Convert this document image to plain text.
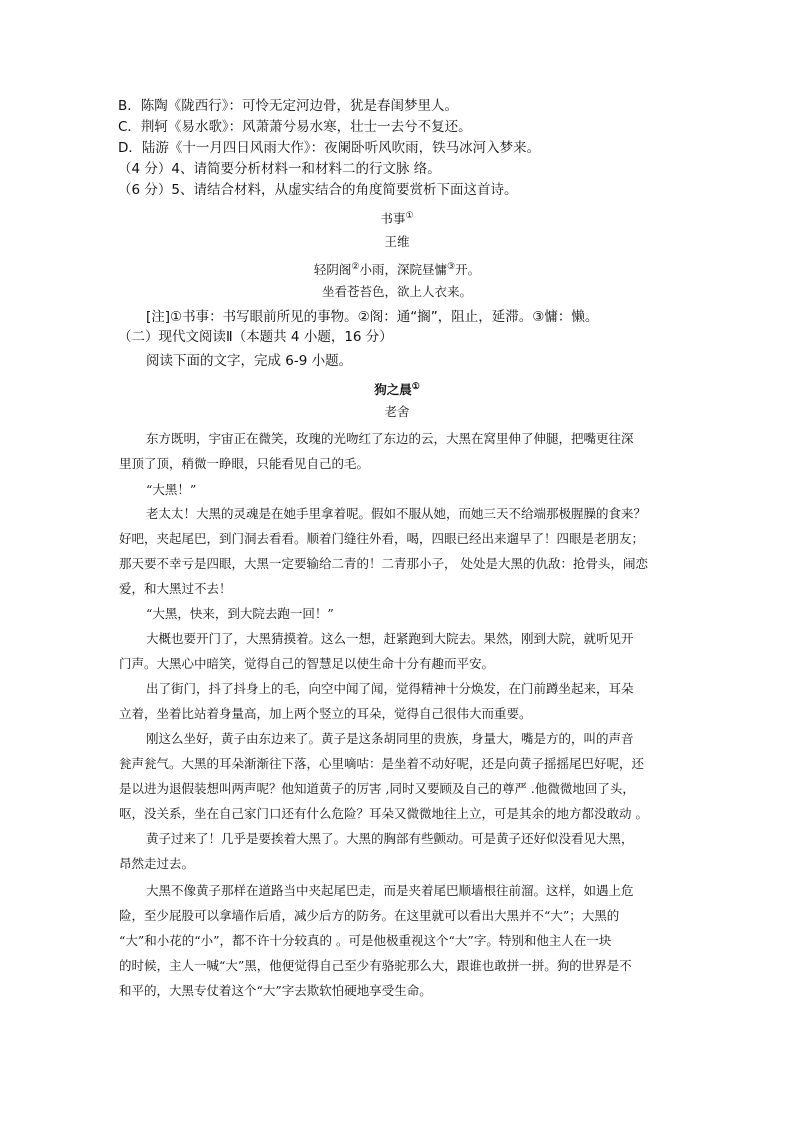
B．陈陶《陇西行》：可怜无定河边骨，犹是春闺梦里人。
C．荆轲《易水歌》：风萧萧兮易水寒，壮士一去兮不复还。
D．陆游《十一月四日风雨大作》：夜阑卧听风吹雨，铁马冰河入梦来。
（4 分）4、请简要分析材料一和材料二的行文脉 络。
（6 分）5、请结合材料，从虚实结合的角度简要赏析下面这首诗。
书事①
王维
轻阴阁②小雨，深院昼慵③开。
坐看苍苔色，欲上人衣来。
[注]①书事：书写眼前所见的事物。②阁：通“搁”，阻止，延滞。③慵：懒。
（二）现代文阅读Ⅱ（本题共 4 小题，16 分）
阅读下面的文字，完成 6-9 小题。
狗之晨①
老舍
东方既明，宇宙正在微笑，玫瑰的光吻红了东边的云，大黑在窝里伸了伸腿，把嘴更往深
里顶了顶，稍微一睁眼，只能看见自己的毛。
“大黑！”
老太太！大黑的灵魂是在她手里拿着呢。假如不服从她，而她三天不给端那极腥臊的食来？
好吧，夹起尾巴，到门洞去看看。顺着门缝往外看，喝，四眼已经出来遛早了！四眼是老朋友；
那天要不幸亏是四眼，大黑一定要输给二青的！二青那小子， 处处是大黑的仇敌：抢骨头，闹恋
爱，和大黑过不去！
“大黑，快来，到大院去跑一回！”
大概也要开门了，大黑猜摸着。这么一想，赶紧跑到大院去。果然，刚到大院，就听见开
门声。大黑心中暗笑，觉得自己的智慧足以使生命十分有趣而平安。
出了街门，抖了抖身上的毛，向空中闻了闻，觉得精神十分焕发，在门前蹲坐起来，耳朵
立着，坐着比站着身量高，加上两个竖立的耳朵，觉得自己很伟大而重要。
刚这么坐好，黄子由东边来了。黄子是这条胡同里的贵族，身量大，嘴是方的，叫的声音
瓮声瓮气。大黑的耳朵渐渐往下落，心里嘀咕：是坐着不动好呢，还是向黄子摇摇尾巴好呢，还
是以进为退假装想叫两声呢？他知道黄子的厉害 ,同时又要顾及自己的尊严 .他微微地回了头，
呕，没关系，坐在自己家门口还有什么危险？耳朵又微微地往上立，可是其余的地方都没敢动 。
黄子过来了！几乎是要挨着大黑了。大黑的胸部有些颤动。可是黄子还好似没看见大黑，
昂然走过去。
大黑不像黄子那样在道路当中夹起尾巴走，而是夹着尾巴顺墙根往前溜。这样，如遇上危
险，至少屁股可以拿墙作后盾，减少后方的防务。在这里就可以看出大黑并不“大”；大黑的
“大”和小花的“小”，都不许十分较真的 。可是他极重视这个“大”字。特别和他主人在一块
的时候，主人一喊“大”黑，他便觉得自己至少有骆驼那么大，跟谁也敢拼一拼。狗的世界是不
和平的，大黑专仗着这个“大”字去欺软怕硬地享受生命。
